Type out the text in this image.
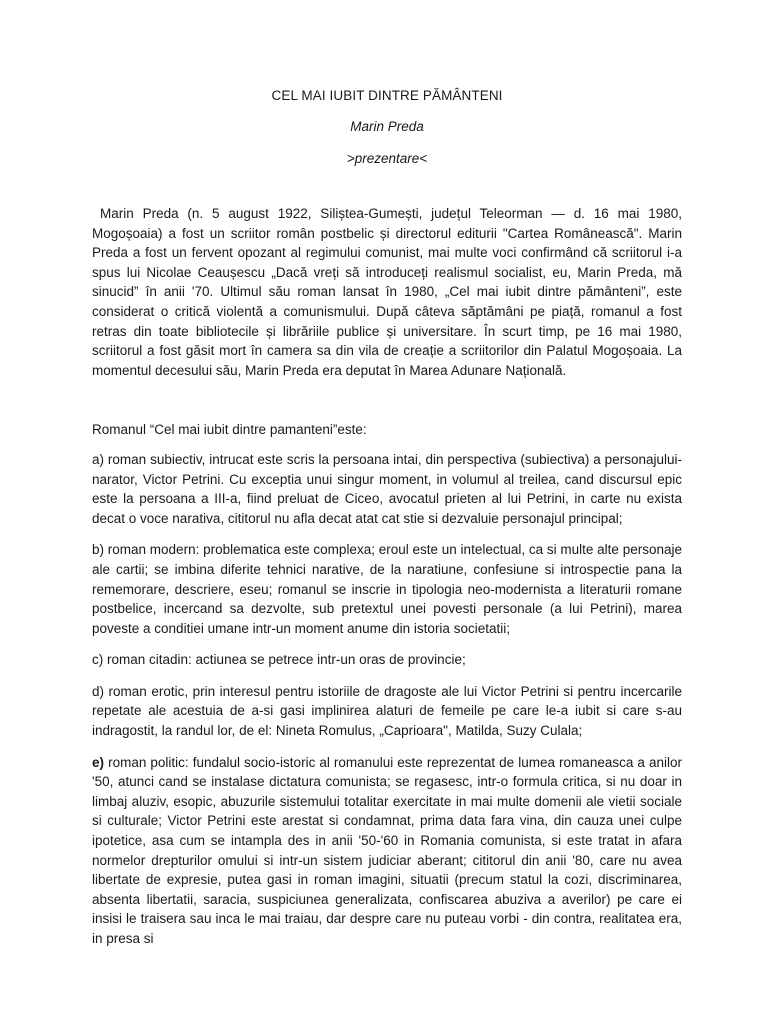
CEL MAI IUBIT DINTRE PĂMÂNTENI
Marin Preda
>prezentare<

Marin Preda (n. 5 august 1922, Siliștea-Gumești, județul Teleorman — d. 16 mai 1980, Mogoșoaia) a fost un scriitor român postbelic și directorul editurii "Cartea Românească". Marin Preda a fost un fervent opozant al regimului comunist, mai multe voci confirmând că scriitorul i-a spus lui Nicolae Ceaușescu „Dacă vreți să introduceți realismul socialist, eu, Marin Preda, mă sinucid” în anii '70. Ultimul său roman lansat în 1980, „Cel mai iubit dintre pământeni”, este considerat o critică violentă a comunismului. După câteva săptămâni pe piață, romanul a fost retras din toate bibliotecile și librăriile publice și universitare. În scurt timp, pe 16 mai 1980, scriitorul a fost găsit mort în camera sa din vila de creație a scriitorilor din Palatul Mogoșoaia. La momentul decesului său, Marin Preda era deputat în Marea Adunare Națională.

Romanul “Cel mai iubit dintre pamanteni”este:

a) roman subiectiv, intrucat este scris la persoana intai, din perspectiva (subiectiva) a personajului-narator, Victor Petrini. Cu exceptia unui singur moment, in volumul al treilea, cand discursul epic este la persoana a III-a, fiind preluat de Ciceo, avocatul prieten al lui Petrini, in carte nu exista decat o voce narativa, cititorul nu afla decat atat cat stie si dezvaluie personajul principal;

b) roman modern: problematica este complexa; eroul este un intelectual, ca si multe alte personaje ale cartii; se imbina diferite tehnici narative, de la naratiune, confesiune si introspectie pana la rememorare, descriere, eseu; romanul se inscrie in tipologia neo-modernista a literaturii romane postbelice, incercand sa dezvolte, sub pretextul unei povesti personale (a lui Petrini), marea poveste a conditiei umane intr-un moment anume din istoria societatii;

c) roman citadin: actiunea se petrece intr-un oras de provincie;

d) roman erotic, prin interesul pentru istoriile de dragoste ale lui Victor Petrini si pentru incercarile repetate ale acestuia de a-si gasi implinirea alaturi de femeile pe care le-a iubit si care s-au indragostit, la randul lor, de el: Nineta Romulus, „Caprioara", Matilda, Suzy Culala;

e) roman politic: fundalul socio-istoric al romanului este reprezentat de lumea romaneasca a anilor '50, atunci cand se instalase dictatura comunista; se regasesc, intr-o formula critica, si nu doar in limbaj aluziv, esopic, abuzurile sistemului totalitar exercitate in mai multe domenii ale vietii sociale si culturale; Victor Petrini este arestat si condamnat, prima data fara vina, din cauza unei culpe ipotetice, asa cum se intampla des in anii '50-'60 in Romania comunista, si este tratat in afara normelor drepturilor omului si intr-un sistem judiciar aberant; cititorul din anii '80, care nu avea libertate de expresie, putea gasi in roman imagini, situatii (precum statul la cozi, discriminarea, absenta libertatii, saracia, suspiciunea generalizata, confiscarea abuziva a averilor) pe care ei insisi le traisera sau inca le mai traiau, dar despre care nu puteau vorbi - din contra, realitatea era, in presa si
